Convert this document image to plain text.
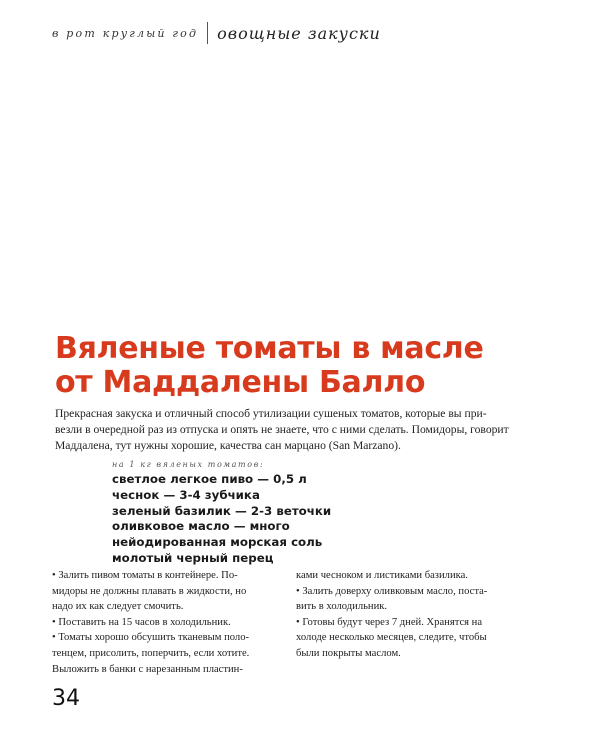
в рот круглый год овощные закуски
Вяленые томаты в масле
от Маддалены Балло

Прекрасная закуска и отличный способ утилизации сушеных томатов, которые вы при-
везли в очередной раз из отпуска и опять не знаете, что с ними сделать. Помидоры, говорит
Маддалена, тут нужны хорошие, качества сан марцано (San Marzano).

на 1 кг вяленых томатов:
светлое легкое пиво — 0,5 л
чеснок — 3-4 зубчика
зеленый базилик — 2-3 веточки
оливковое масло — много
нейодированная морская соль
молотый черный перец

• Залить пивом томаты в контейнере. По-

мидоры не должны плавать в жидкости, но

надо их как следует смочить.

• Поставить на 15 часов в холодильник.

• Томаты хорошо обсушить тканевым поло-

тенцем, присолить, поперчить, если хотите.

Выложить в банки с нарезанным пластин-

ками чесноком и листиками базилика.

• Залить доверху оливковым масло, поста-

вить в холодильник.

• Готовы будут через 7 дней. Хранятся на

холоде несколько месяцев, следите, чтобы

были покрыты маслом.

34
